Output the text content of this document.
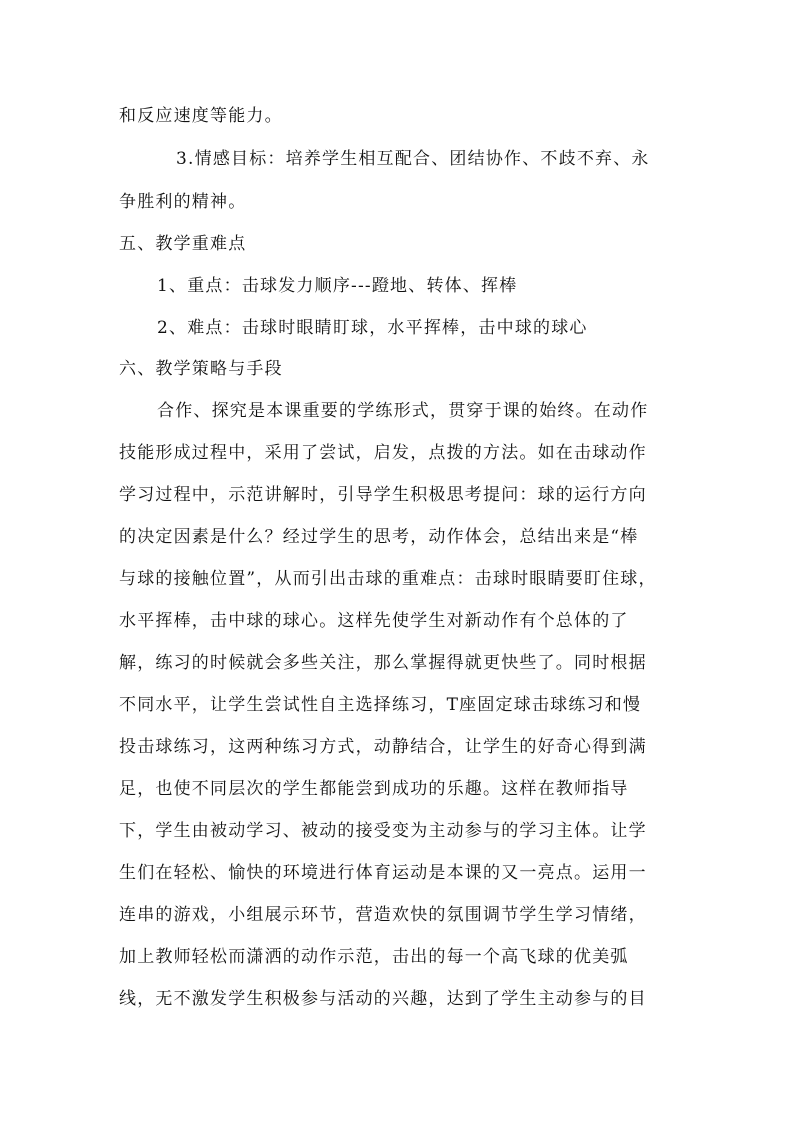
和反应速度等能力。
3.情感目标：培养学生相互配合、团结协作、不歧不弃、永
争胜利的精神。
五、教学重难点
1、重点：击球发力顺序---蹬地、转体、挥棒
2、难点：击球时眼睛盯球，水平挥棒，击中球的球心
六、教学策略与手段
合作、探究是本课重要的学练形式，贯穿于课的始终。在动作
技能形成过程中，采用了尝试，启发，点拨的方法。如在击球动作
学习过程中，示范讲解时，引导学生积极思考提问：球的运行方向
的决定因素是什么？经过学生的思考，动作体会，总结出来是“棒
与球的接触位置”，从而引出击球的重难点：击球时眼睛要盯住球，
水平挥棒，击中球的球心。这样先使学生对新动作有个总体的了
解，练习的时候就会多些关注，那么掌握得就更快些了。同时根据
不同水平，让学生尝试性自主选择练习，T座固定球击球练习和慢
投击球练习，这两种练习方式，动静结合，让学生的好奇心得到满
足，也使不同层次的学生都能尝到成功的乐趣。这样在教师指导
下，学生由被动学习、被动的接受变为主动参与的学习主体。让学
生们在轻松、愉快的环境进行体育运动是本课的又一亮点。运用一
连串的游戏，小组展示环节，营造欢快的氛围调节学生学习情绪，
加上教师轻松而潇洒的动作示范，击出的每一个高飞球的优美弧
线，无不激发学生积极参与活动的兴趣，达到了学生主动参与的目
